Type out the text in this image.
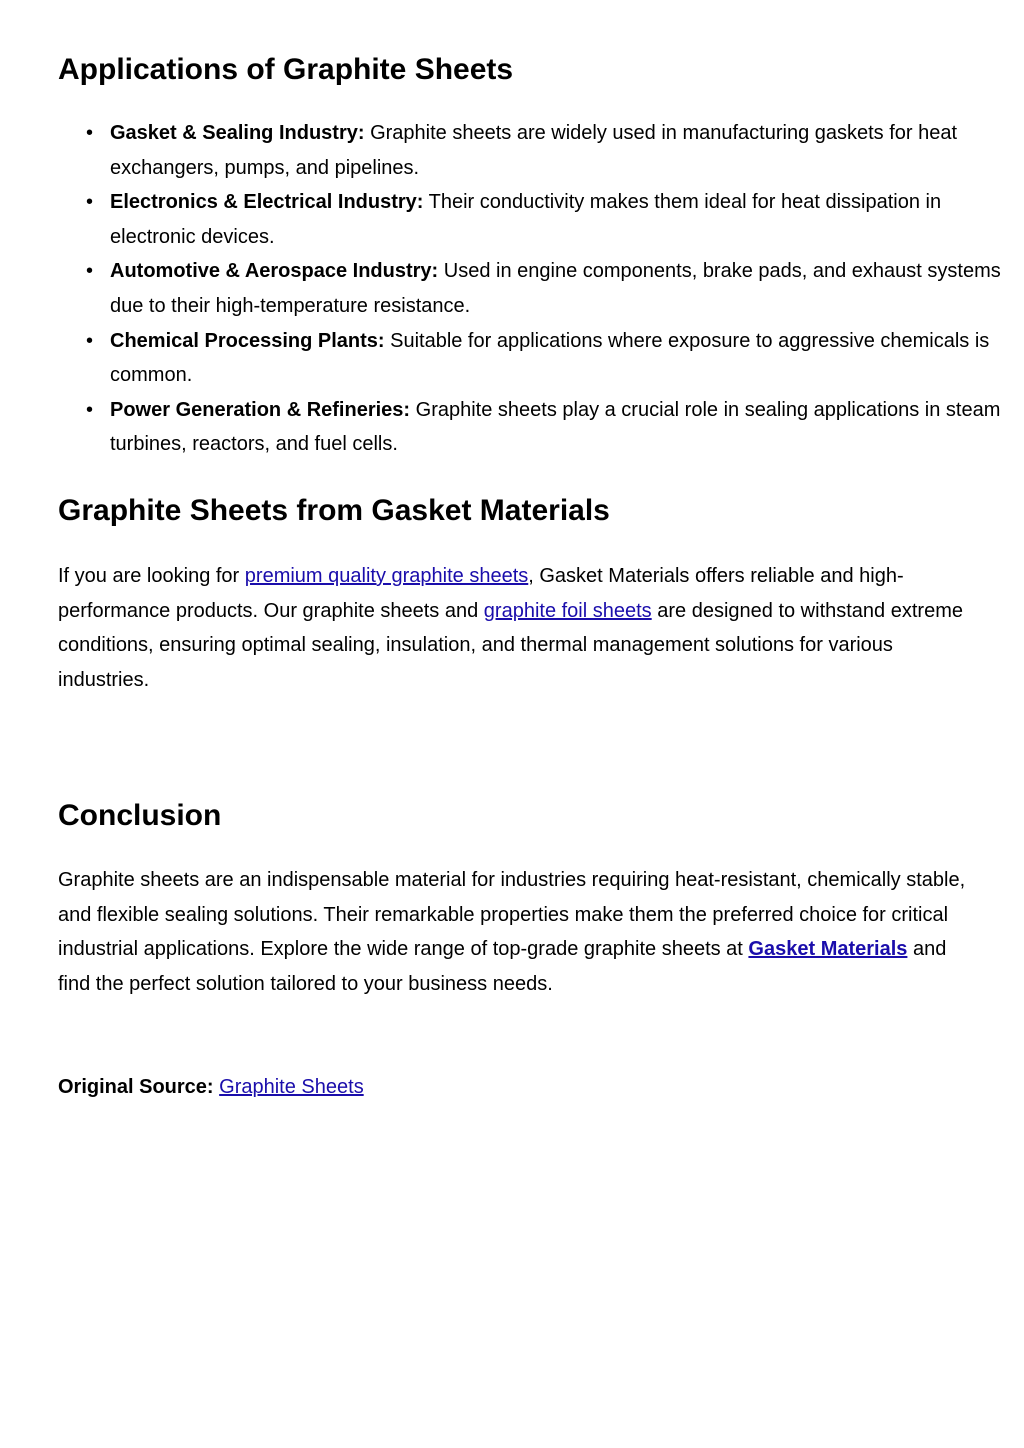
Applications of Graphite Sheets
• Gasket & Sealing Industry: Graphite sheets are widely used in manufacturing gaskets for heat exchangers, pumps, and pipelines.
• Electronics & Electrical Industry: Their conductivity makes them ideal for heat dissipation in electronic devices.
• Automotive & Aerospace Industry: Used in engine components, brake pads, and exhaust systems due to their high-temperature resistance.
• Chemical Processing Plants: Suitable for applications where exposure to aggressive chemicals is common.
• Power Generation & Refineries: Graphite sheets play a crucial role in sealing applications in steam turbines, reactors, and fuel cells.
Graphite Sheets from Gasket Materials

If you are looking for premium quality graphite sheets, Gasket Materials offers reliable and high-performance products. Our graphite sheets and graphite foil sheets are designed to withstand extreme conditions, ensuring optimal sealing, insulation, and thermal management solutions for various industries.

Conclusion

Graphite sheets are an indispensable material for industries requiring heat-resistant, chemically stable, and flexible sealing solutions. Their remarkable properties make them the preferred choice for critical industrial applications. Explore the wide range of top-grade graphite sheets at Gasket Materials and find the perfect solution tailored to your business needs.

Original Source: Graphite Sheets
